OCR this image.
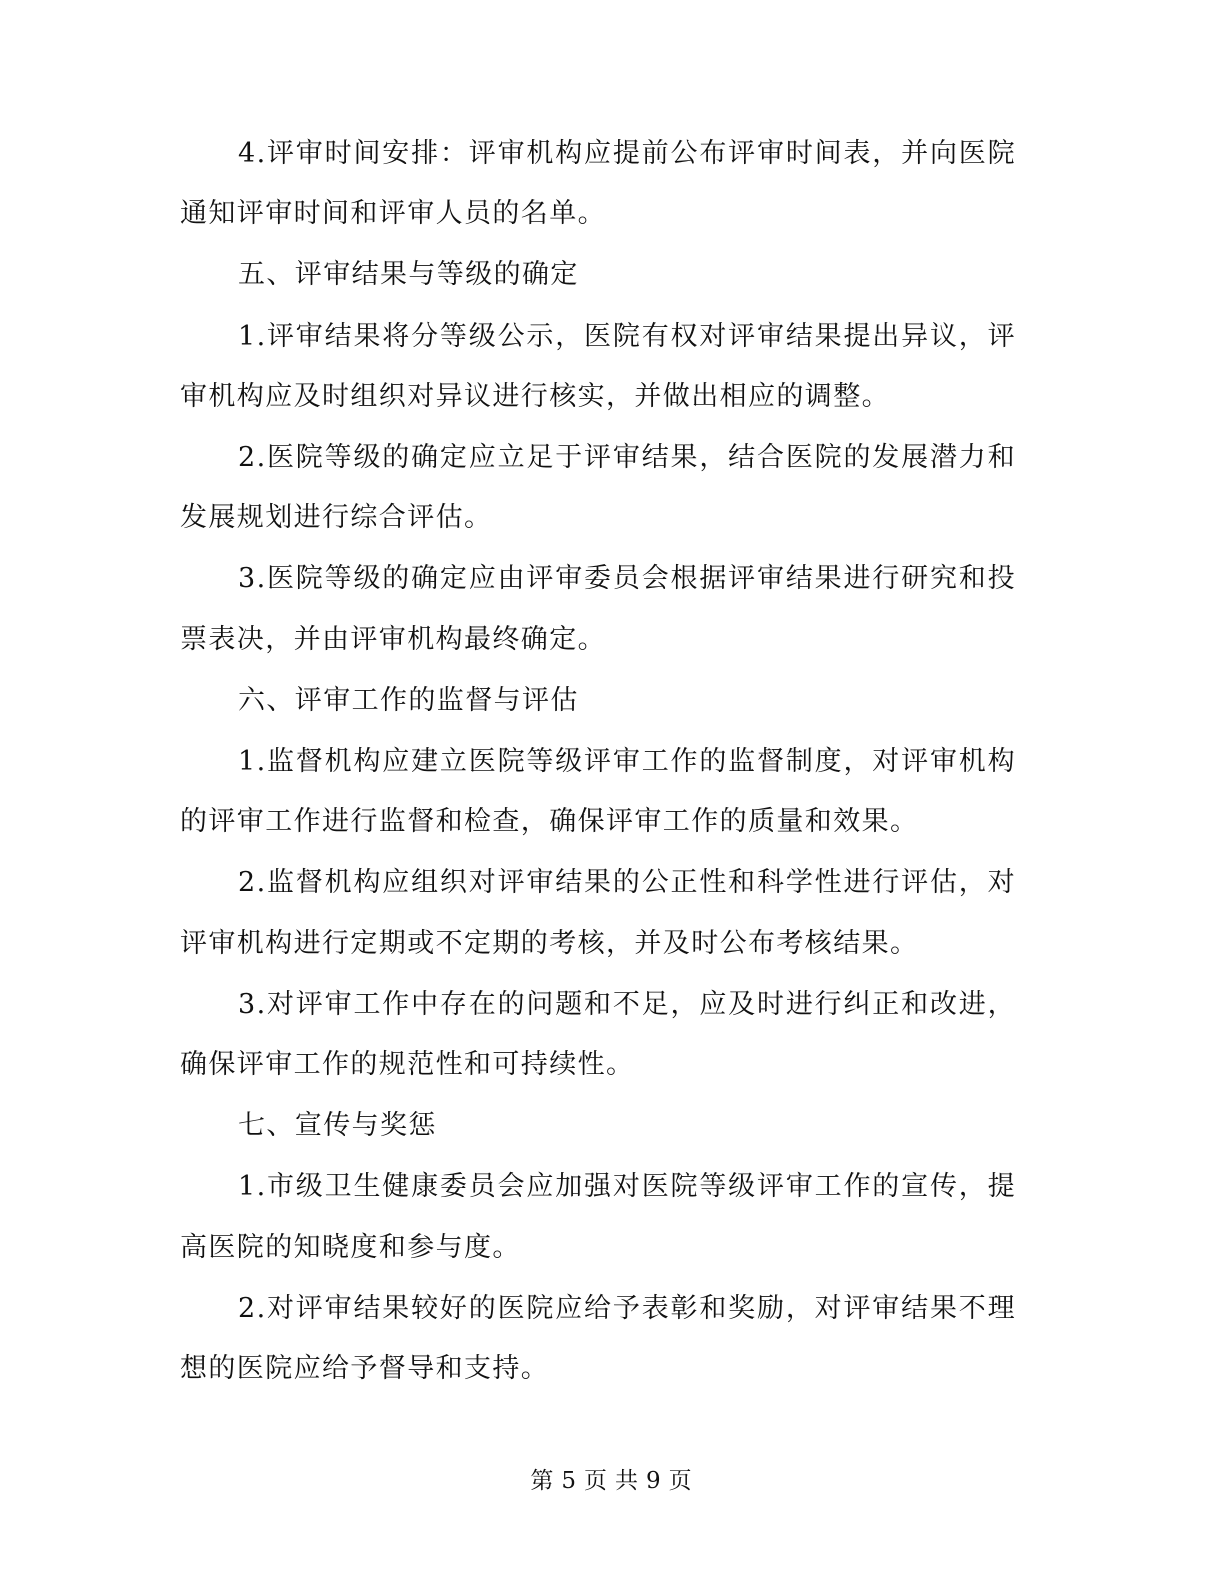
4.评审时间安排：评审机构应提前公布评审时间表，并向医院通知评审时间和评审人员的名单。

五、评审结果与等级的确定

1.评审结果将分等级公示，医院有权对评审结果提出异议，评审机构应及时组织对异议进行核实，并做出相应的调整。

2.医院等级的确定应立足于评审结果，结合医院的发展潜力和发展规划进行综合评估。

3.医院等级的确定应由评审委员会根据评审结果进行研究和投票表决，并由评审机构最终确定。

六、评审工作的监督与评估

1.监督机构应建立医院等级评审工作的监督制度，对评审机构的评审工作进行监督和检查，确保评审工作的质量和效果。

2.监督机构应组织对评审结果的公正性和科学性进行评估，对评审机构进行定期或不定期的考核，并及时公布考核结果。

3.对评审工作中存在的问题和不足，应及时进行纠正和改进，确保评审工作的规范性和可持续性。

七、宣传与奖惩

1.市级卫生健康委员会应加强对医院等级评审工作的宣传，提高医院的知晓度和参与度。

2.对评审结果较好的医院应给予表彰和奖励，对评审结果不理想的医院应给予督导和支持。

第 5 页 共 9 页
